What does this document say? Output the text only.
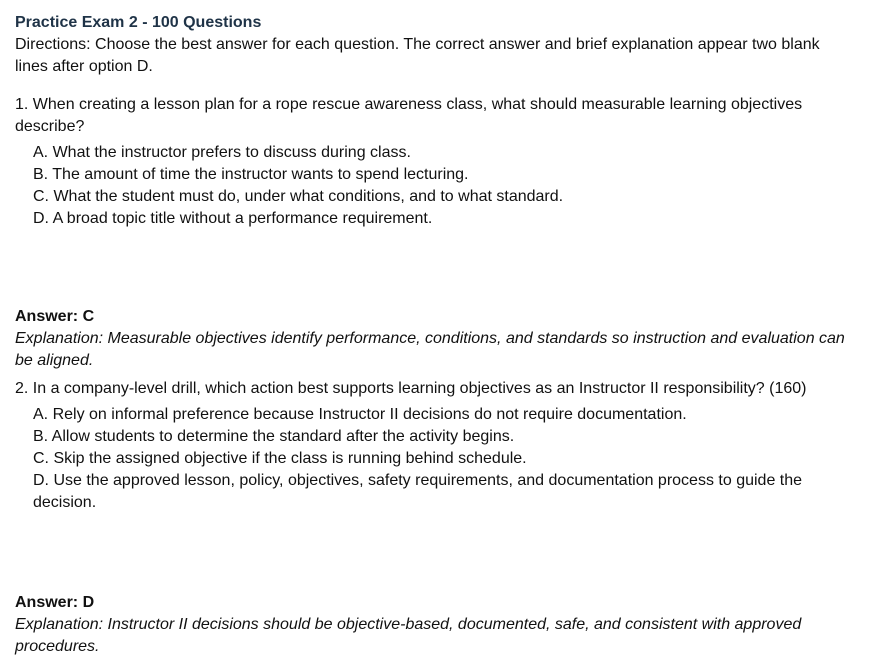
Practice Exam 2 - 100 Questions

Directions: Choose the best answer for each question. The correct answer and brief explanation appear two blank lines after option D.

1. When creating a lesson plan for a rope rescue awareness class, what should measurable learning objectives describe?

A. What the instructor prefers to discuss during class.
B. The amount of time the instructor wants to spend lecturing.
C. What the student must do, under what conditions, and to what standard.
D. A broad topic title without a performance requirement.

Answer: C

Explanation: Measurable objectives identify performance, conditions, and standards so instruction and evaluation can be aligned.

2. In a company-level drill, which action best supports learning objectives as an Instructor II responsibility? (160)

A. Rely on informal preference because Instructor II decisions do not require documentation.
B. Allow students to determine the standard after the activity begins.
C. Skip the assigned objective if the class is running behind schedule.
D. Use the approved lesson, policy, objectives, safety requirements, and documentation process to guide the decision.

Answer: D

Explanation: Instructor II decisions should be objective-based, documented, safe, and consistent with approved procedures.
